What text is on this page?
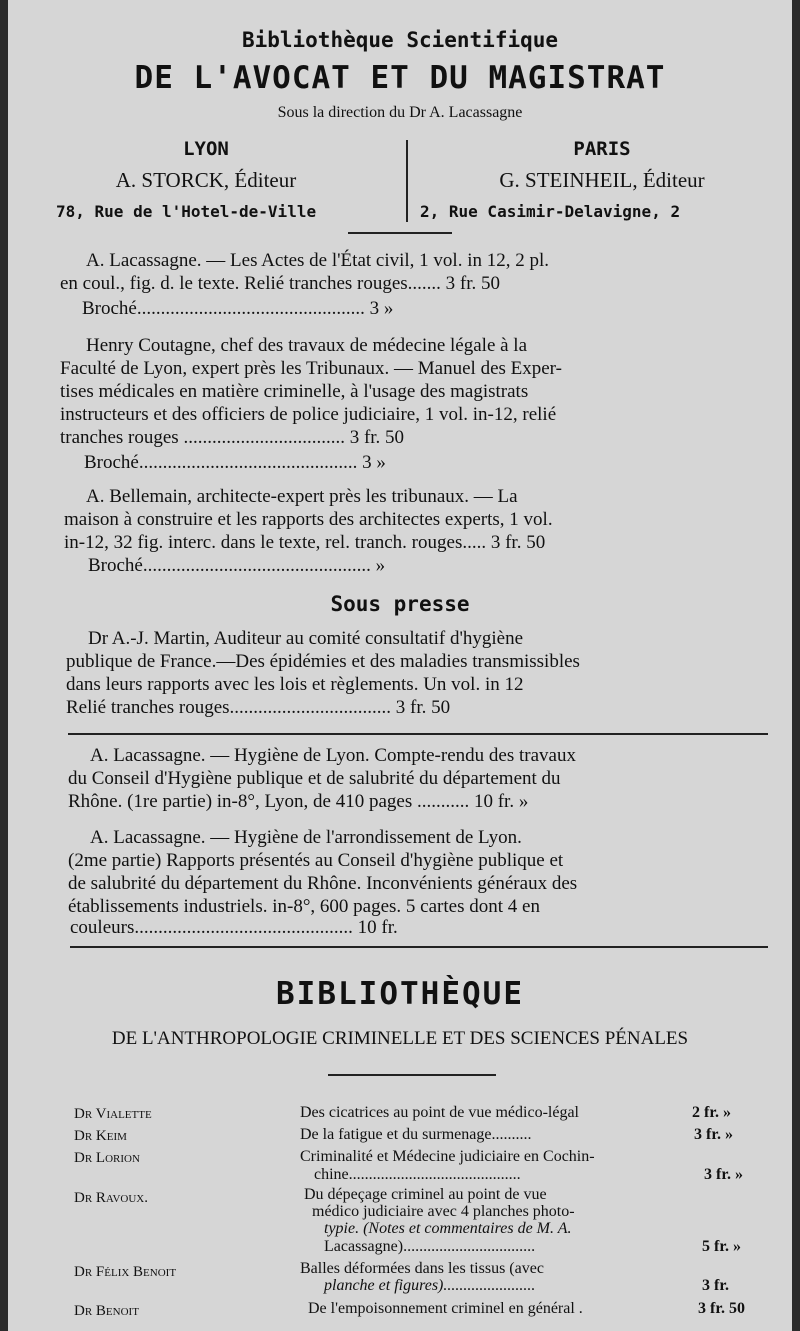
Bibliothèque Scientifique
DE L'AVOCAT ET DU MAGISTRAT
Sous la direction du Dr A. Lacassagne
LYON
A. STORCK, Éditeur
78, Rue de l'Hotel-de-Ville
PARIS
G. STEINHEIL, Éditeur
2, Rue Casimir-Delavigne, 2
A. Lacassagne. — Les Actes de l'État civil, 1 vol. in 12, 2 pl.
en coul., fig. d. le texte. Relié tranches rouges....... 3 fr. 50
Broché................................................ 3 »
Henry Coutagne, chef des travaux de médecine légale à la
Faculté de Lyon, expert près les Tribunaux. — Manuel des Exper-
tises médicales en matière criminelle, à l'usage des magistrats
instructeurs et des officiers de police judiciaire, 1 vol. in-12, relié
tranches rouges .................................. 3 fr. 50
Broché.............................................. 3 »
A. Bellemain, architecte-expert près les tribunaux. — La
maison à construire et les rapports des architectes experts, 1 vol.
in-12, 32 fig. interc. dans le texte, rel. tranch. rouges..... 3 fr. 50
Broché................................................ »
Sous presse
Dr A.-J. Martin, Auditeur au comité consultatif d'hygiène
publique de France.—Des épidémies et des maladies transmissibles
dans leurs rapports avec les lois et règlements. Un vol. in 12
Relié tranches rouges.................................. 3 fr. 50
A. Lacassagne. — Hygiène de Lyon. Compte-rendu des travaux
du Conseil d'Hygiène publique et de salubrité du département du
Rhône. (1re partie) in-8°, Lyon, de 410 pages ........... 10 fr. »
A. Lacassagne. — Hygiène de l'arrondissement de Lyon.
(2me partie) Rapports présentés au Conseil d'hygiène publique et
de salubrité du département du Rhône. Inconvénients généraux des
établissements industriels. in-8°, 600 pages. 5 cartes dont 4 en
couleurs.............................................. 10 fr.
BIBLIOTHÈQUE
DE L'ANTHROPOLOGIE CRIMINELLE ET DES SCIENCES PÉNALES
Dr Vialette	Des cicatrices au point de vue médico-légal	2 fr. »
Dr Keim	De la fatigue et du surmenage..........	3 fr. »
Dr Lorion	Criminalité et Médecine judiciaire en Cochin-
chine...........................................	3 fr. »
Dr Ravoux.	Du dépeçage criminel au point de vue
médico judiciaire avec 4 planches photo-
typie. (Notes et commentaires de M. A.
Lacassagne).................................	5 fr. »
Dr Félix Benoit	Balles déformées dans les tissus (avec
planche et figures).......................	3 fr.
Dr Benoit	De l'empoisonnement criminel en général .	3 fr. 50
